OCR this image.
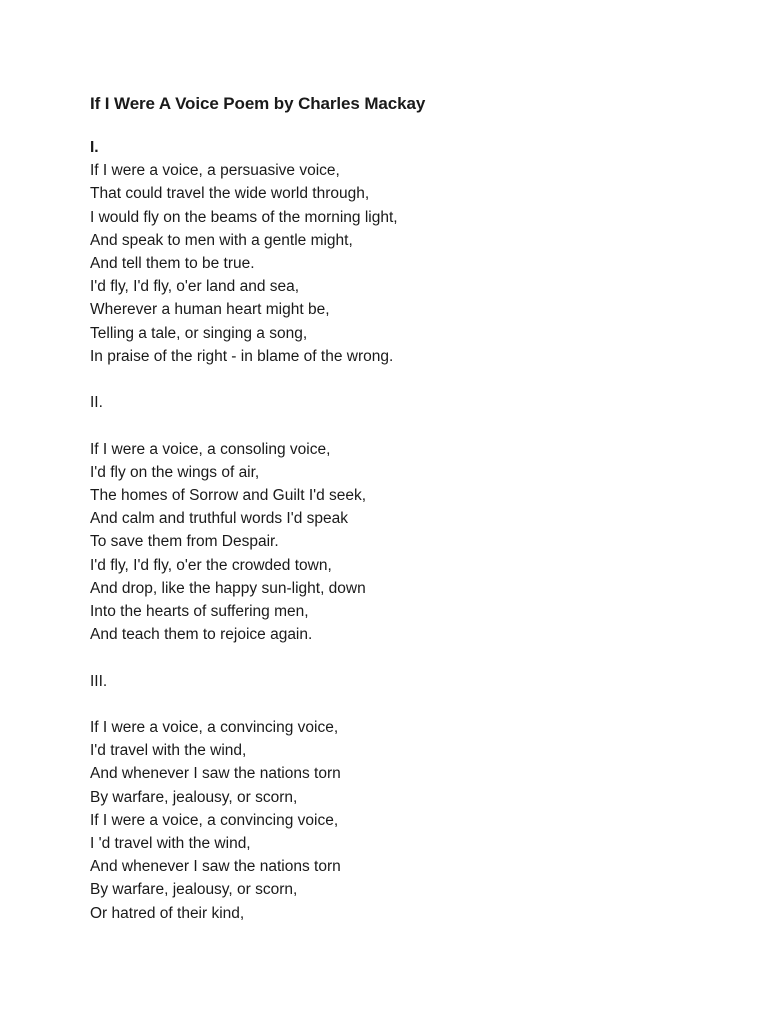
If I Were A Voice Poem by Charles Mackay
I.
If I were a voice, a persuasive voice,
That could travel the wide world through,
I would fly on the beams of the morning light,
And speak to men with a gentle might,
And tell them to be true.
I'd fly, I'd fly, o'er land and sea,
Wherever a human heart might be,
Telling a tale, or singing a song,
In praise of the right - in blame of the wrong.
II.
If I were a voice, a consoling voice,
I'd fly on the wings of air,
The homes of Sorrow and Guilt I'd seek,
And calm and truthful words I'd speak
To save them from Despair.
I'd fly, I'd fly, o'er the crowded town,
And drop, like the happy sun-light, down
Into the hearts of suffering men,
And teach them to rejoice again.
III.
If I were a voice, a convincing voice,
I'd travel with the wind,
And whenever I saw the nations torn
By warfare, jealousy, or scorn,
If I were a voice, a convincing voice,
I 'd travel with the wind,
And whenever I saw the nations torn
By warfare, jealousy, or scorn,
Or hatred of their kind,
